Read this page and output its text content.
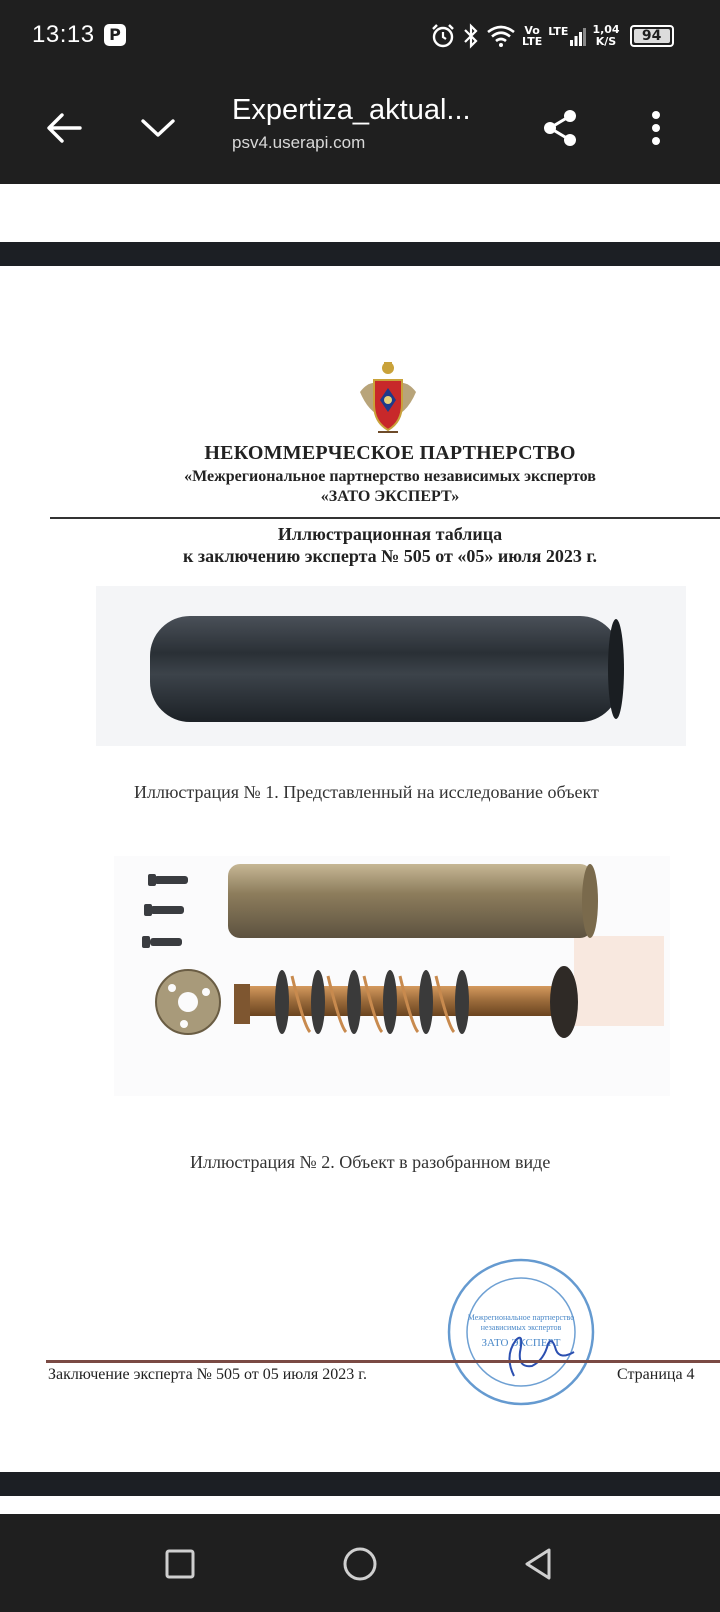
13:13 P	Vo
LTE
LTE 1,04
K/S	94
Expertiza_aktual...
psv4.userapi.com
НЕКОММЕРЧЕСКОЕ ПАРТНЕРСТВО
«Межрегиональное партнерство независимых экспертов
«ЗАТО ЭКСПЕРТ»
Иллюстрационная таблица
к заключению эксперта № 505 от «05» июля 2023 г.
Иллюстрация № 1. Представленный на исследование объект
Иллюстрация № 2. Объект в разобранном виде
Межрегиональное партнерство
независимых экспертов
ЗАТО ЭКСПЕРТ
Заключение эксперта № 505 от 05 июля 2023 г.	Страница 4
